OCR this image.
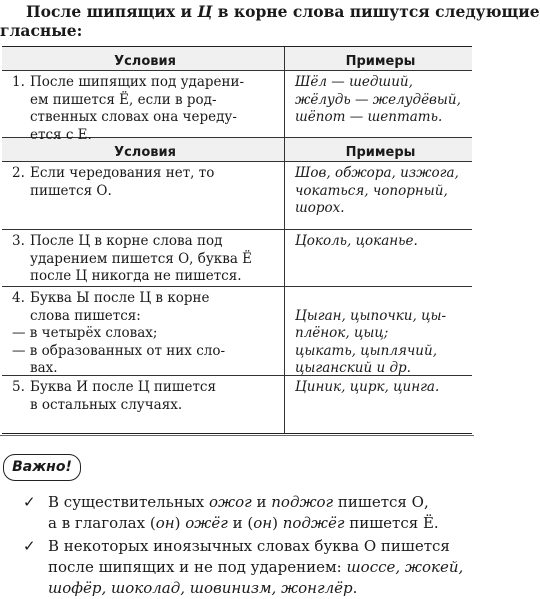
После шипящих и Ц в корне слова пишутся следующие
гласные:
Условия	Примеры
1. После шипящих под ударени-
ем пишется Ё, если в род-
ственных словах она череду-
ется с Е.
Шёл — шедший,
жёлудь — желудёвый,
шёпот — шептать.
Условия	Примеры
2. Если чередования нет, то
пишется О.
Шов, обжора, изжога,
чокаться, чопорный,
шорох.
3. После Ц в корне слова под
ударением пишется О, буква Ё
после Ц никогда не пишется.
Цоколь, цоканье.
4. Буква Ы после Ц в корне
слова пишется:
— в четырёх словах;
— в образованных от них сло-
вах.

Цыган, цыпочки, цы-
плёнок, цыц;
цыкать, цыплячий,
цыганский и др.
5. Буква И после Ц пишется
в остальных случаях.
Циник, цирк, цинга.
Важно!
✓ В существительных ожог и поджог пишется О,
а в глаголах (он) ожёг и (он) поджёг пишется Ё.
✓ В некоторых иноязычных словах буква О пишется
после шипящих и не под ударением: шоссе, жокей,
шофёр, шоколад, шовинизм, жонглёр.
